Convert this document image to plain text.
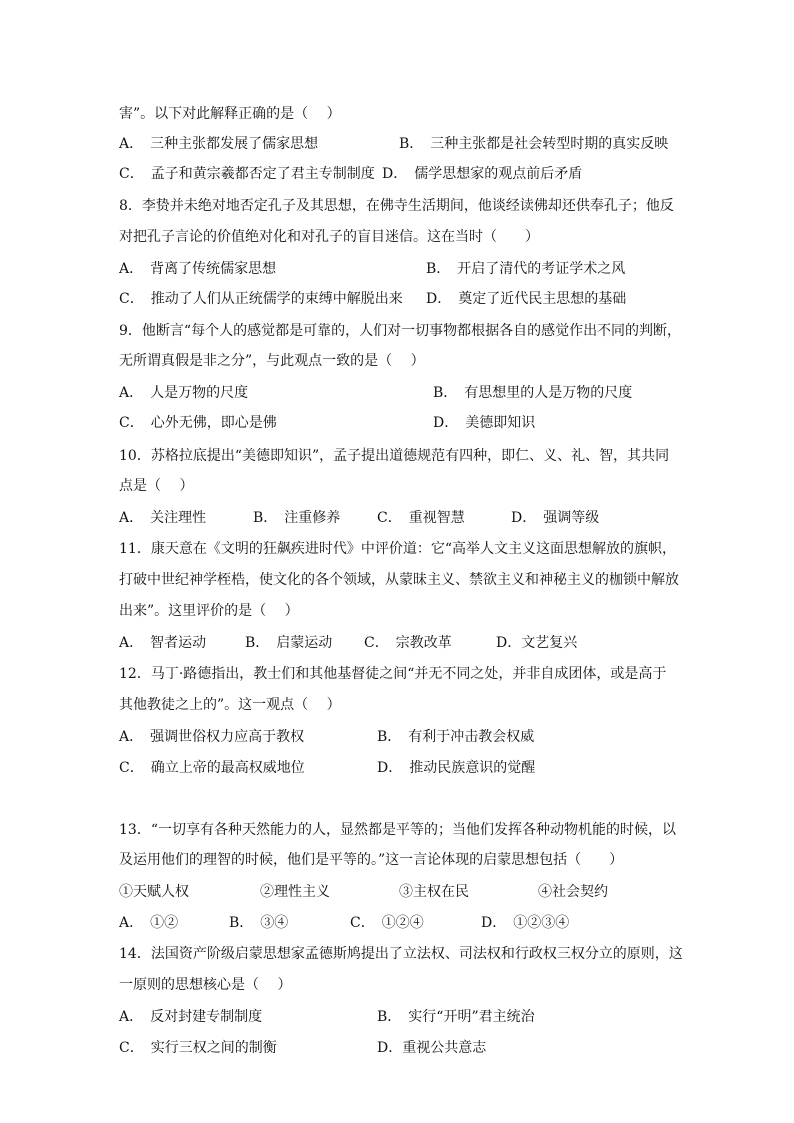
害”。以下对此解释正确的是（　 ）
A．　三种主张都发展了儒家思想	B．　三种主张都是社会转型时期的真实反映
C．　孟子和黄宗羲都否定了君主专制制度 D．　儒学思想家的观点前后矛盾
8．李贽并未绝对地否定孔子及其思想，在佛寺生活期间，他谈经读佛却还供奉孔子；他反
对把孔子言论的价值绝对化和对孔子的盲目迷信。这在当时（　　）
A．　背离了传统儒家思想	B．　开启了清代的考证学术之风
C．　推动了人们从正统儒学的束缚中解脱出来 D．　奠定了近代民主思想的基础
9．他断言“每个人的感觉都是可靠的，人们对一切事物都根据各自的感觉作出不同的判断，
无所谓真假是非之分”，与此观点一致的是（　 ）
A．　人是万物的尺度	B．　有思想里的人是万物的尺度
C．　心外无佛，即心是佛	D．　美德即知识
10．苏格拉底提出“美德即知识”，孟子提出道德规范有四种，即仁、义、礼、智，其共同
点是（　 ）
A．　关注理性	B．　注重修养	C．　重视智慧	D．　强调等级
11．康天意在《文明的狂飙疾进时代》中评价道：它“高举人文主义这面思想解放的旗帜，
打破中世纪神学桎梏，使文化的各个领域，从蒙昧主义、禁欲主义和神秘主义的枷锁中解放
出来”。这里评价的是（　 ）
A．　智者运动	B．　启蒙运动 C．　宗教改革	D．文艺复兴
12．马丁·路德指出，教士们和其他基督徒之间“并无不同之处，并非自成团体，或是高于
其他教徒之上的”。这一观点（　 ）
A．　强调世俗权力应高于教权	B．　有利于冲击教会权威
C．　确立上帝的最高权威地位	D．　推动民族意识的觉醒
13．“一切享有各种天然能力的人，显然都是平等的；当他们发挥各种动物机能的时候，以
及运用他们的理智的时候，他们是平等的。”这一言论体现的启蒙思想包括（　　）
①天赋人权	②理性主义	③主权在民	④社会契约
A．　①②	B．　③④	C．　①②④	D．　①②③④
14．法国资产阶级启蒙思想家孟德斯鸠提出了立法权、司法权和行政权三权分立的原则，这
一原则的思想核心是（　 ）
A．　反对封建专制制度	B．　实行“开明”君主统治
C．　实行三权之间的制衡	D．重视公共意志
